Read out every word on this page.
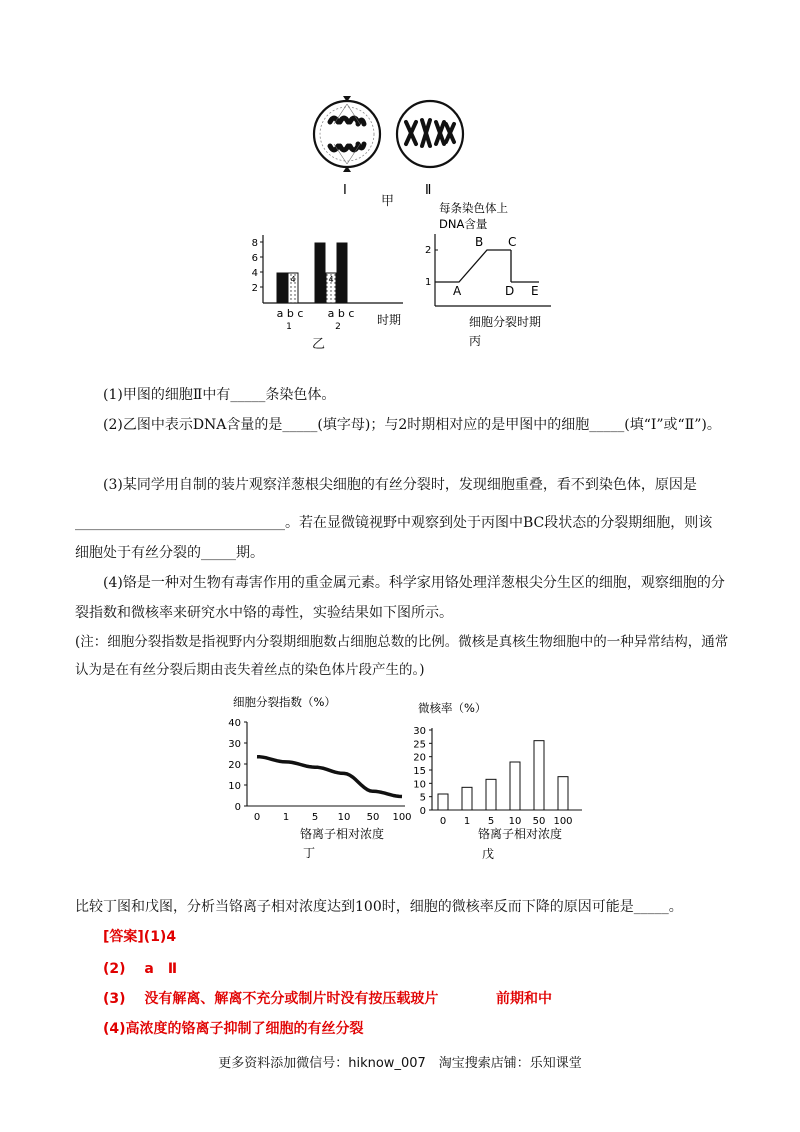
Ⅰ	Ⅱ
甲
2
4
6
8
4	4
a b c a b c
1	2	时期
乙
每条染色体上
DNA含量
2
1
A
B C
D E
细胞分裂时期
丙
(1)甲图的细胞Ⅱ中有_____条染色体。
(2)乙图中表示DNA含量的是_____(填字母)；与2时期相对应的是甲图中的细胞_____(填“Ⅰ”或“Ⅱ”)。
(3)某同学用自制的装片观察洋葱根尖细胞的有丝分裂时，发现细胞重叠，看不到染色体，原因是
______________________________。若在显微镜视野中观察到处于丙图中BC段状态的分裂期细胞，则该细胞处于有丝分裂的_____期。
(4)铬是一种对生物有毒害作用的重金属元素。科学家用铬处理洋葱根尖分生区的细胞，观察细胞的分裂指数和微核率来研究水中铬的毒性，实验结果如下图所示。
(注：细胞分裂指数是指视野内分裂期细胞数占细胞总数的比例。微核是真核生物细胞中的一种异常结构，通常认为是在有丝分裂后期由丧失着丝点的染色体片段产生的。)
细胞分裂指数（%）
0
10
20
30
40
0 1 5 10 50 100
铬离子相对浓度
丁
微核率（%）
0
5
10
15
20
25
30
0 1 5 10 50 100
铬离子相对浓度
戊
比较丁图和戊图，分析当铬离子相对浓度达到100时，细胞的微核率反而下降的原因可能是_____。
[答案](1)4
(2)　 a　Ⅱ
(3)　 没有解离、解离不充分或制片时没有按压载玻片	前期和中
(4)高浓度的铬离子抑制了细胞的有丝分裂
更多资料添加微信号：hiknow_007　淘宝搜索店铺：乐知课堂
